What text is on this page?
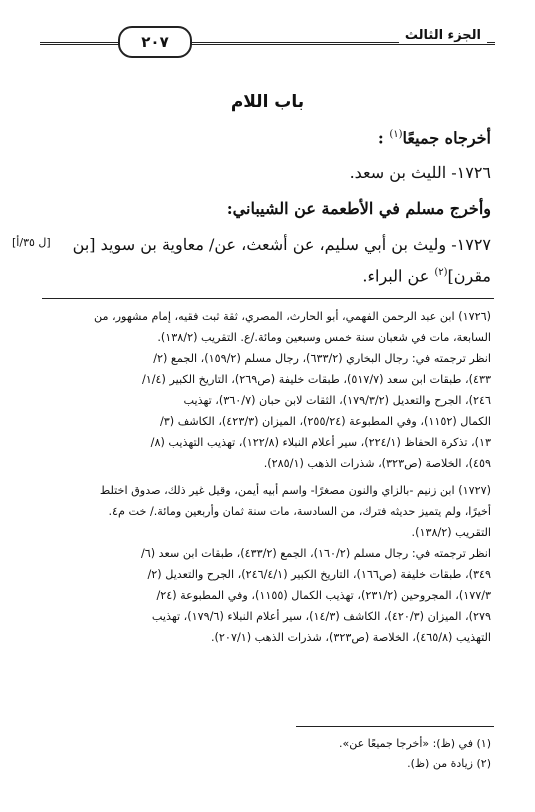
٢٠٧	الجزء الثالث
باب اللام
أخرجاه جميعًا$^{(١)}$ :
١٧٢٦- الليث بن سعد.
وأخرج مسلم في الأطعمة عن الشيباني:
١٧٢٧- وليث بن أبي سليم، عن أشعث، عن/ معاوية بن سويد [بن
مقرن]$^{(٢)}$ عن البراء.
[ل ٣٥/أ]

(١٧٢٦) ابن عبد الرحمن الفهمي، أبو الحارث، المصري، ثقة ثبت فقيه، إمام مشهور، من

السابعة، مات في شعبان سنة خمس وسبعين ومائة./ع. التقريب (١٣٨/٢).

انظر ترجمته في: رجال البخاري (٦٣٣/٢)، رجال مسلم (١٥٩/٢)، الجمع (٢/

٤٣٣)، طبقات ابن سعد (٥١٧/٧)، طبقات خليفة (ص٢٦٩)، التاريخ الكبير (١/٤/

٢٤٦)، الجرح والتعديل (١٧٩/٣/٢)، الثقات لابن حبان (٣٦٠/٧)، تهذيب

الكمال (١١٥٢)، وفي المطبوعة (٢٥٥/٢٤)، الميزان (٤٢٣/٣)، الكاشف (٣/

١٣)، تذكرة الحفاظ (٢٢٤/١)، سير أعلام النبلاء (١٢٢/٨)، تهذيب التهذيب (٨/

٤٥٩)، الخلاصة (ص٣٢٣)، شذرات الذهب (٢٨٥/١).

(١٧٢٧) ابن زنيم -بالزاي والنون مصغرًا- واسم أبيه أيمن، وقيل غير ذلك، صدوق اختلط

أخيرًا، ولم يتميز حديثه فترك، من السادسة، مات سنة ثمان وأربعين ومائة./ خت م٤.

التقريب (١٣٨/٢).

انظر ترجمته في: رجال مسلم (١٦٠/٢)، الجمع (٤٣٣/٢)، طبقات ابن سعد (٦/

٣٤٩)، طبقات خليفة (ص١٦٦)، التاريخ الكبير (٢٤٦/٤/١)، الجرح والتعديل (٢/

١٧٧/٣)، المجروحين (٢٣١/٢)، تهذيب الكمال (١١٥٥)، وفي المطبوعة (٢٤/

٢٧٩)، الميزان (٤٢٠/٣)، الكاشف (١٤/٣)، سير أعلام النبلاء (١٧٩/٦)، تهذيب

التهذيب (٤٦٥/٨)، الخلاصة (ص٣٢٣)، شذرات الذهب (٢٠٧/١).

(١) في (ظ): «أخرجا جميعًا عن».
(٢) زيادة من (ظ).
